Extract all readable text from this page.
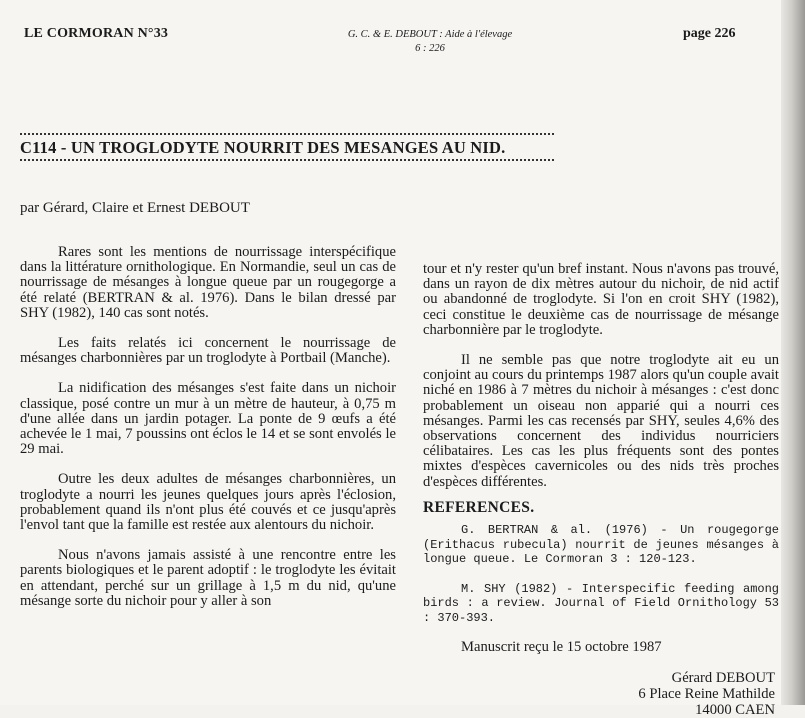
LE CORMORAN N°33	G. C. & E. DEBOUT : Aide à l'élevage
6 : 226
page 226
C114 - UN TROGLODYTE NOURRIT DES MESANGES AU NID.
par Gérard, Claire et Ernest DEBOUT

Rares sont les mentions de nourrissage interspécifique dans la littérature ornithologique. En Normandie, seul un cas de nourrissage de mésanges à longue queue par un rougegorge a été relaté (BERTRAN & al. 1976). Dans le bilan dressé par SHY (1982), 140 cas sont notés.

Les faits relatés ici concernent le nourrissage de mésanges charbonnières par un troglodyte à Portbail (Manche).

La nidification des mésanges s'est faite dans un nichoir classique, posé contre un mur à un mètre de hauteur, à 0,75 m d'une allée dans un jardin potager. La ponte de 9 œufs a été achevée le 1 mai, 7 poussins ont éclos le 14 et se sont envolés le 29 mai.

Outre les deux adultes de mésanges charbonnières, un troglodyte a nourri les jeunes quelques jours après l'éclosion, probablement quand ils n'ont plus été couvés et ce jusqu'après l'envol tant que la famille est restée aux alentours du nichoir.

Nous n'avons jamais assisté à une rencontre entre les parents biologiques et le parent adoptif : le troglodyte les évitait en attendant, perché sur un grillage à 1,5 m du nid, qu'une mésange sorte du nichoir pour y aller à son

tour et n'y rester qu'un bref instant. Nous n'avons pas trouvé, dans un rayon de dix mètres autour du nichoir, de nid actif ou abandonné de troglodyte. Si l'on en croit SHY (1982), ceci constitue le deuxième cas de nourrissage de mésange charbonnière par le troglodyte.

Il ne semble pas que notre troglodyte ait eu un conjoint au cours du printemps 1987 alors qu'un couple avait niché en 1986 à 7 mètres du nichoir à mésanges : c'est donc probablement un oiseau non apparié qui a nourri ces mésanges. Parmi les cas recensés par SHY, seules 4,6% des observations concernent des individus nourriciers célibataires. Les cas les plus fréquents sont des pontes mixtes d'espèces cavernicoles ou des nids très proches d'espèces différentes.

REFERENCES.

G. BERTRAN & al. (1976) - Un rougegorge (Erithacus rubecula) nourrit de jeunes mésanges à longue queue. Le Cormoran 3 : 120-123.

M. SHY (1982) - Interspecific feeding among birds : a review. Journal of Field Ornithology 53 : 370-393.

Manuscrit reçu le 15 octobre 1987

Gérard DEBOUT
6 Place Reine Mathilde
14000 CAEN
